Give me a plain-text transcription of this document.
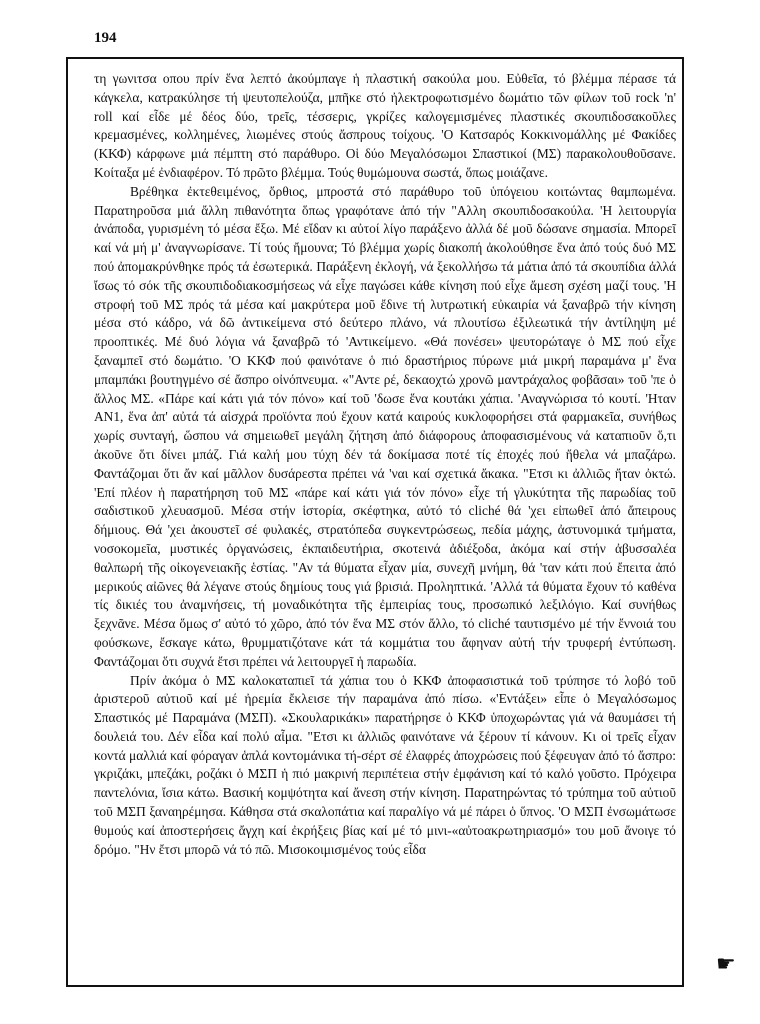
194

τη γωνιτσα οπου πρίν ἕνα λεπτό ἀκούμπαγε ἡ πλαστική σακούλα μου. Εὐθεῖα, τό βλέμμα πέρασε τά κάγκελα, κατρακύλησε τή ψευτοπελούζα, μπῆκε στό ἠλεκτροφωτισμένο δωμάτιο τῶν φίλων τοῦ rock 'n' roll καί εἶδε μέ δέος δύο, τρεῖς, τέσσερις, γκρίζες καλογεμισμένες πλαστικές σκουπιδοσακοῦλες κρεμασμένες, κολλημένες, λιωμένες στούς ἄσπρους τοίχους. 'Ο Κατσαρός Κοκκινομάλλης μέ Φακίδες (ΚΚΦ) κάρφωνε μιά πέμπτη στό παράθυρο. Οἱ δύο Μεγαλόσωμοι Σπαστικοί (ΜΣ) παρακολουθοῦσανε. Κοίταξα μέ ἐνδιαφέρον. Τό πρῶτο βλέμμα. Τούς θυμώμουνα σωστά, ὅπως μοιάζανε.

Βρέθηκα ἐκτεθειμένος, ὄρθιος, μπροστά στό παράθυρο τοῦ ὑπόγειου κοιτώντας θαμπωμένα. Παρατηροῦσα μιά ἄλλη πιθανότητα ὅπως γραφότανε ἀπό τήν "Αλλη σκουπιδοσακούλα. 'Η λειτουργία ἀνάποδα, γυρισμένη τό μέσα ἔξω. Μέ εἴδαν κι αὐτοί λίγο παράξενο ἀλλά δέ μοῦ δώσανε σημασία. Μπορεῖ καί νά μή μ' ἀναγνωρίσανε. Τί τούς ἤμουνα; Τό βλέμμα χωρίς διακοπή ἀκολούθησε ἕνα ἀπό τούς δυό ΜΣ πού ἀπομακρύνθηκε πρός τά ἐσωτερικά. Παράξενη ἐκλογή, νά ξεκολλήσω τά μάτια ἀπό τά σκουπίδια ἀλλά ἴσως τό σόκ τῆς σκουπιδοδιακοσμήσεως νά εἶχε παγώσει κάθε κίνηση πού εἶχε ἄμεση σχέση μαζί τους. 'Η στροφή τοῦ ΜΣ πρός τά μέσα καί μακρύτερα μοῦ ἔδινε τή λυτρωτική εὐκαιρία νά ξαναβρῶ τήν κίνηση μέσα στό κάδρο, νά δῶ ἀντικείμενα στό δεύτερο πλάνο, νά πλουτίσω ἐξιλεωτικά τήν ἀντίληψη μέ προοπτικές. Μέ δυό λόγια νά ξαναβρῶ τό 'Αντικείμενο. «Θά πονέσει» ψευτορώταγε ὁ ΜΣ πού εἶχε ξαναμπεῖ στό δωμάτιο. 'Ο ΚΚΦ πού φαινότανε ὁ πιό δραστήριος πύρωνε μιά μικρή παραμάνα μ' ἕνα μπαμπάκι βουτηγμένο σέ ἄσπρο οἰνόπνευμα. «"Αντε ρέ, δεκαοχτώ χρονῶ μαντράχαλος φοβᾶσαι» τοῦ 'πε ὁ ἄλλος ΜΣ. «Πάρε καί κάτι γιά τόν πόνο» καί τοῦ 'δωσε ἕνα κουτάκι χάπια. 'Αναγνώρισα τό κουτί. 'Ηταν ΑΝ1, ἕνα ἀπ' αὐτά τά αἰσχρά προϊόντα πού ἔχουν κατά καιρούς κυκλοφορήσει στά φαρμακεῖα, συνήθως χωρίς συνταγή, ὥσπου νά σημειωθεῖ μεγάλη ζήτηση ἀπό διάφορους ἀποφασισμένους νά καταπιοῦν ὅ,τι ἀκοῦνε ὅτι δίνει μπάζ. Γιά καλή μου τύχη δέν τά δοκίμασα ποτέ τίς ἐποχές πού ἤθελα νά μπαζάρω. Φαντάζομαι ὅτι ἄν καί μᾶλλον δυσάρεστα πρέπει νά 'ναι καί σχετικά ἄκακα. "Ετσι κι ἀλλιῶς ἤταν ὀκτώ. 'Επί πλέον ἡ παρατήρηση τοῦ ΜΣ «πάρε καί κάτι γιά τόν πόνο» εἶχε τή γλυκύτητα τῆς παρωδίας τοῦ σαδιστικοῦ χλευασμοῦ. Μέσα στήν ἱστορία, σκέφτηκα, αὐτό τό cliché θά 'χει εἰπωθεῖ ἀπό ἄπειρους δήμιους. Θά 'χει ἀκουστεῖ σέ φυλακές, στρατόπεδα συγκεντρώσεως, πεδία μάχης, ἀστυνομικά τμήματα, νοσοκομεῖα, μυστικές ὀργανώσεις, ἐκπαιδευτήρια, σκοτεινά ἀδιέξοδα, ἀκόμα καί στήν ἀβυσσαλέα θαλπωρή τῆς οἰκογενειακῆς ἑστίας. "Αν τά θύματα εἶχαν μία, συνεχῆ μνήμη, θά 'ταν κάτι πού ἔπειτα ἀπό μερικούς αἰῶνες θά λέγανε στούς δημίους τους γιά βρισιά. Προληπτικά. 'Αλλά τά θύματα ἔχουν τό καθένα τίς δικιές του ἀναμνήσεις, τή μοναδικότητα τῆς ἐμπειρίας τους, προσωπικό λεξιλόγιο. Καί συνήθως ξεχνᾶνε. Μέσα ὅμως σ' αὐτό τό χῶρο, ἀπό τόν ἕνα ΜΣ στόν ἄλλο, τό cliché ταυτισμένο μέ τήν ἔννοιά του φούσκωνε, ἔσκαγε κάτω, θρυμματιζότανε κάτ τά κομμάτια του ἄφηναν αὐτή τήν τρυφερή ἐντύπωση. Φαντάζομαι ὅτι συχνά ἔτσι πρέπει νά λειτουργεῖ ἡ παρωδία.

Πρίν ἀκόμα ὁ ΜΣ καλοκαταπιεῖ τά χάπια του ὁ ΚΚΦ ἀποφασιστικά τοῦ τρύπησε τό λοβό τοῦ ἀριστεροῦ αὐτιοῦ καί μέ ἠρεμία ἔκλεισε τήν παραμάνα ἀπό πίσω. «'Εντάξει» εἶπε ὁ Μεγαλόσωμος Σπαστικός μέ Παραμάνα (ΜΣΠ). «Σκουλαρικάκι» παρατήρησε ὁ ΚΚΦ ὑποχωρώντας γιά νά θαυμάσει τή δουλειά του. Δέν εἶδα καί πολύ αἷμα. "Ετσι κι ἀλλιῶς φαινότανε νά ξέρουν τί κάνουν. Κι οἱ τρεῖς εἶχαν κοντά μαλλιά καί φόραγαν ἁπλά κοντομάνικα τή-σέρτ σέ ἐλαφρές ἀποχρώσεις πού ξέφευγαν ἀπό τό ἄσπρο: γκριζάκι, μπεζάκι, ροζάκι ὁ ΜΣΠ ἡ πιό μακρινή περιπέτεια στήν ἐμφάνιση καί τό καλό γοῦστο. Πρόχειρα παντελόνια, ἴσια κάτω. Βασική κομψότητα καί ἄνεση στήν κίνηση. Παρατηρώντας τό τρύπημα τοῦ αὐτιοῦ τοῦ ΜΣΠ ξαναηρέμησα. Κάθησα στά σκαλοπάτια καί παραλίγο νά μέ πάρει ὁ ὕπνος. 'Ο ΜΣΠ ἐνσωμάτωσε θυμούς καί ἀποστερήσεις ἄγχη καί ἐκρήξεις βίας καί μέ τό μινι-«αὐτοακρωτηριασμό» του μοῦ ἄνοιγε τό δρόμο. "Ην ἔτσι μπορῶ νά τό πῶ. Μισοκοιμισμένος τούς εἶδα

☛
